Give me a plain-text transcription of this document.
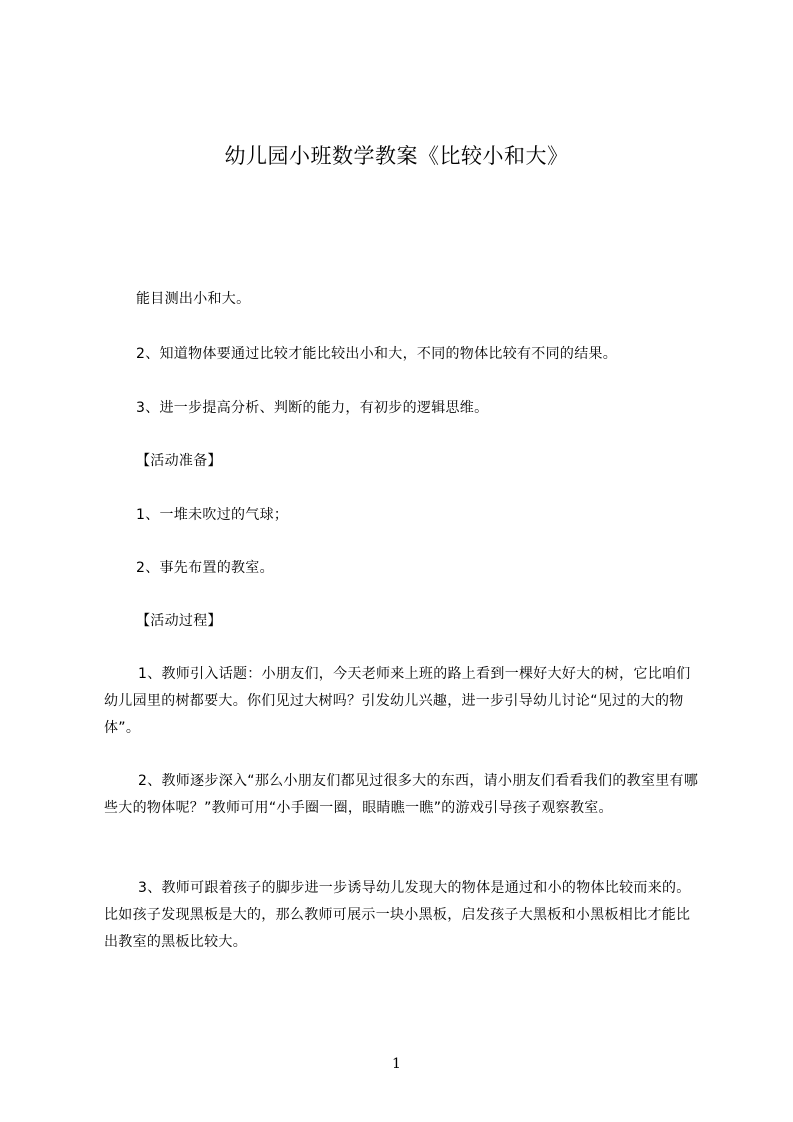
幼儿园小班数学教案《比较小和大》
能目测出小和大。
2、知道物体要通过比较才能比较出小和大，不同的物体比较有不同的结果。
3、进一步提高分析、判断的能力，有初步的逻辑思维。
【活动准备】
1、一堆未吹过的气球；
2、事先布置的教室。
【活动过程】
1、教师引入话题：小朋友们，今天老师来上班的路上看到一棵好大好大的树，它比咱们幼儿园里的树都要大。你们见过大树吗？引发幼儿兴趣，进一步引导幼儿讨论“见过的大的物体”。
2、教师逐步深入“那么小朋友们都见过很多大的东西，请小朋友们看看我们的教室里有哪些大的物体呢？”教师可用“小手圈一圈，眼睛瞧一瞧”的游戏引导孩子观察教室。
3、教师可跟着孩子的脚步进一步诱导幼儿发现大的物体是通过和小的物体比较而来的。比如孩子发现黑板是大的，那么教师可展示一块小黑板，启发孩子大黑板和小黑板相比才能比出教室的黑板比较大。
1
